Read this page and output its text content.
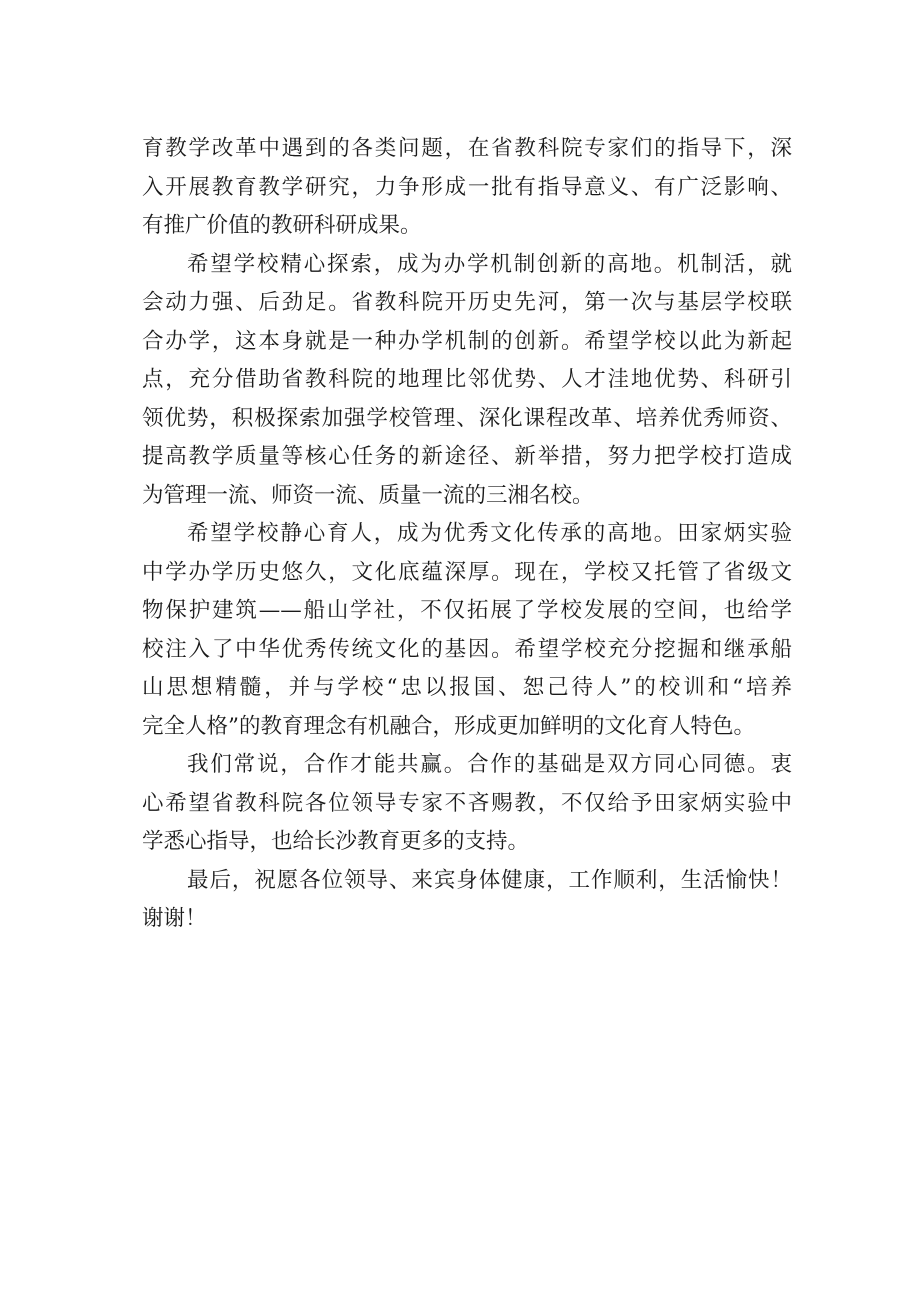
育教学改革中遇到的各类问题，在省教科院专家们的指导下，深
入开展教育教学研究，力争形成一批有指导意义、有广泛影响、
有推广价值的教研科研成果。
希望学校精心探索，成为办学机制创新的高地。机制活，就
会动力强、后劲足。省教科院开历史先河，第一次与基层学校联
合办学，这本身就是一种办学机制的创新。希望学校以此为新起
点，充分借助省教科院的地理比邻优势、人才洼地优势、科研引
领优势，积极探索加强学校管理、深化课程改革、培养优秀师资、
提高教学质量等核心任务的新途径、新举措，努力把学校打造成
为管理一流、师资一流、质量一流的三湘名校。
希望学校静心育人，成为优秀文化传承的高地。田家炳实验
中学办学历史悠久，文化底蕴深厚。现在，学校又托管了省级文
物保护建筑——船山学社，不仅拓展了学校发展的空间，也给学
校注入了中华优秀传统文化的基因。希望学校充分挖掘和继承船
山思想精髓，并与学校“忠以报国、恕己待人”的校训和“培养
完全人格”的教育理念有机融合，形成更加鲜明的文化育人特色。
我们常说，合作才能共赢。合作的基础是双方同心同德。衷
心希望省教科院各位领导专家不吝赐教，不仅给予田家炳实验中
学悉心指导，也给长沙教育更多的支持。
最后，祝愿各位领导、来宾身体健康，工作顺利，生活愉快！
谢谢！
